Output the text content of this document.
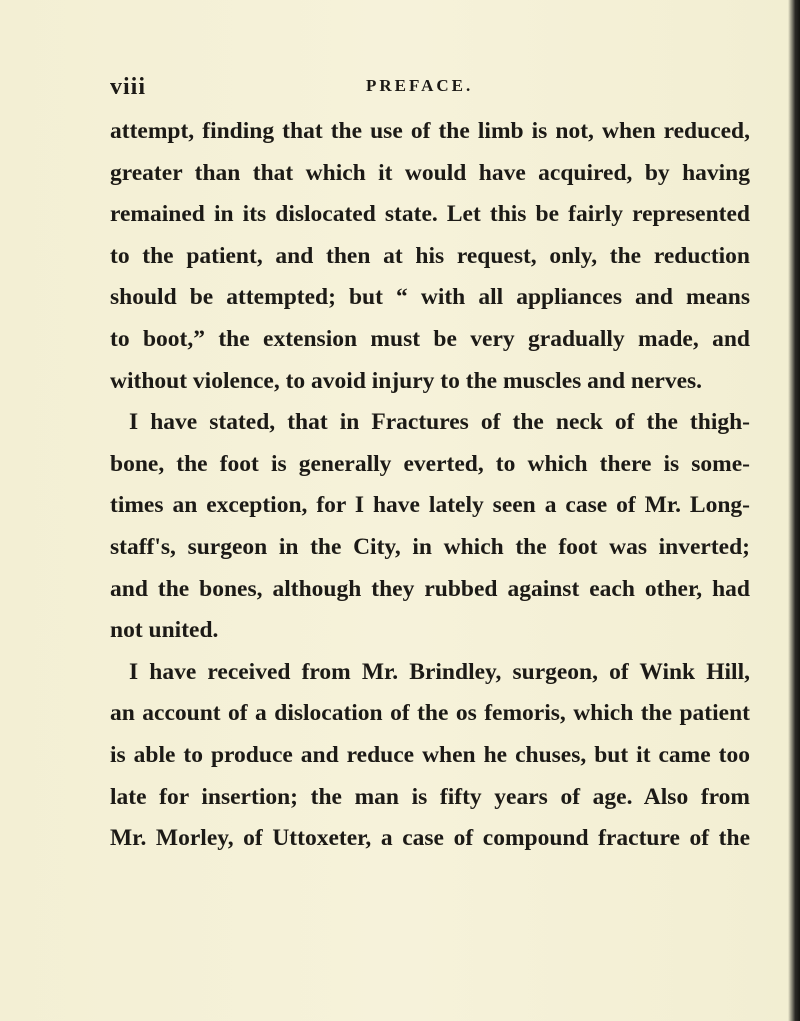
viii	PREFACE.
attempt, finding that the use of the limb is not, when reduced,
greater than that which it would have acquired, by having
remained in its dislocated state. Let this be fairly represented
to the patient, and then at his request, only, the reduction
should be attempted; but “ with all appliances and means
to boot,” the extension must be very gradually made, and
without violence, to avoid injury to the muscles and nerves.
I have stated, that in Fractures of the neck of the thigh-
bone, the foot is generally everted, to which there is some-
times an exception, for I have lately seen a case of Mr. Long-
staff's, surgeon in the City, in which the foot was inverted;
and the bones, although they rubbed against each other, had
not united.
I have received from Mr. Brindley, surgeon, of Wink Hill,
an account of a dislocation of the os femoris, which the patient
is able to produce and reduce when he chuses, but it came too
late for insertion; the man is fifty years of age. Also from
Mr. Morley, of Uttoxeter, a case of compound fracture of the
